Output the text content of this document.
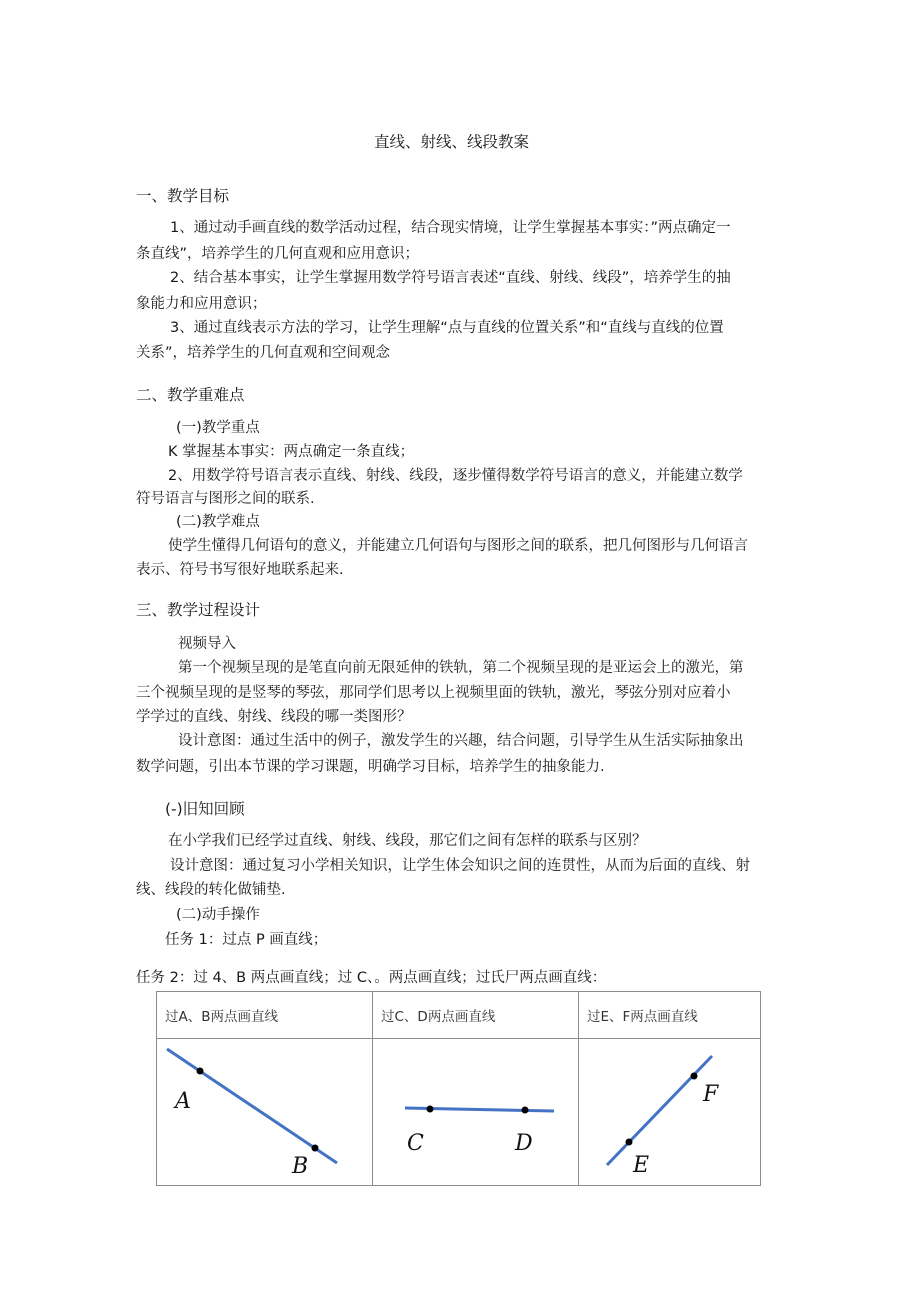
直线、射线、线段教案
一、教学目标
1、通过动手画直线的数学活动过程，结合现实情境，让学生掌握基本事实：”两点确定一
条直线”，培养学生的几何直观和应用意识；
2、结合基本事实，让学生掌握用数学符号语言表述“直线、射线、线段”，培养学生的抽
象能力和应用意识；
3、通过直线表示方法的学习，让学生理解“点与直线的位置关系”和“直线与直线的位置
关系”，培养学生的几何直观和空间观念
二、教学重难点
(一)教学重点
K 掌握基本事实：两点确定一条直线；
2、用数学符号语言表示直线、射线、线段，逐步懂得数学符号语言的意义，并能建立数学
符号语言与图形之间的联系.
(二)教学难点
使学生懂得几何语句的意义，并能建立几何语句与图形之间的联系，把几何图形与几何语言
表示、符号书写很好地联系起来.
三、教学过程设计
视频导入
第一个视频呈现的是笔直向前无限延伸的铁轨，第二个视频呈现的是亚运会上的激光，第
三个视频呈现的是竖琴的琴弦，那同学们思考以上视频里面的铁轨，激光，琴弦分别对应着小
学学过的直线、射线、线段的哪一类图形？
设计意图：通过生活中的例子，激发学生的兴趣，结合问题，引导学生从生活实际抽象出
数学问题，引出本节课的学习课题，明确学习目标，培养学生的抽象能力.
(-)旧知回顾
在小学我们已经学过直线、射线、线段，那它们之间有怎样的联系与区别？
设计意图：通过复习小学相关知识，让学生体会知识之间的连贯性，从而为后面的直线、射
线、线段的转化做铺垫.
(二)动手操作
任务 1：过点 P 画直线；
任务 2：过 4、B 两点画直线；过 C、。两点画直线；过氏尸两点画直线：
过A、B两点画直线	过C、D两点画直线	过E、F两点画直线

A
B	C D	E
F
